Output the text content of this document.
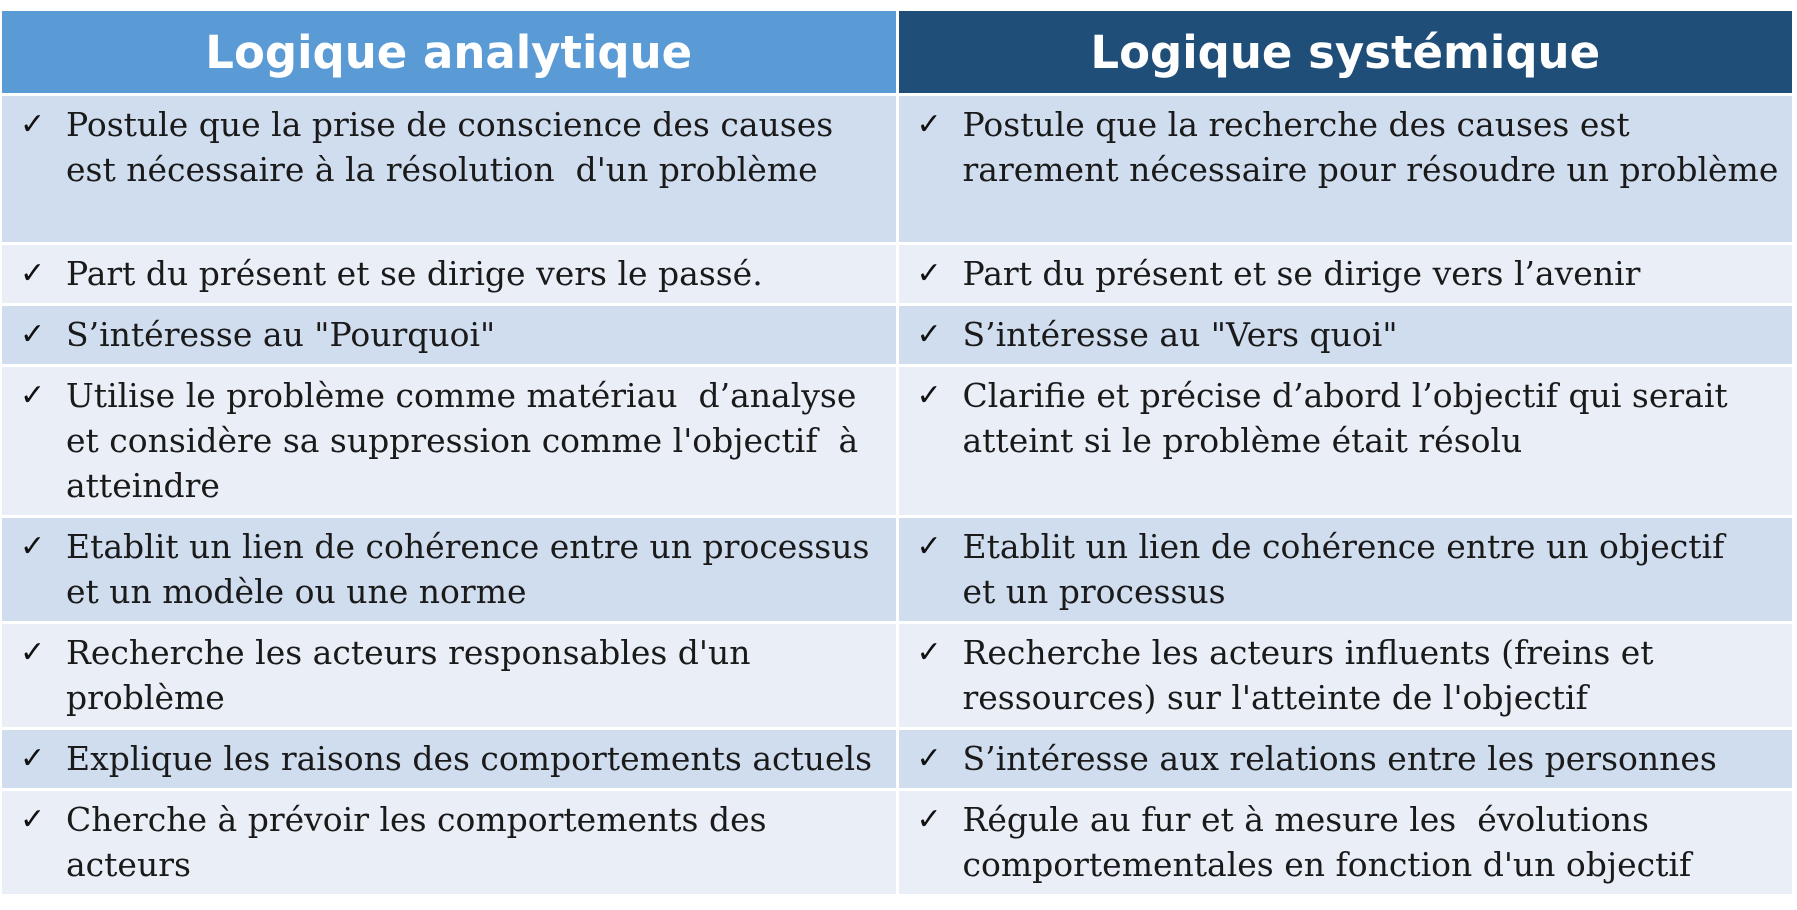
Logique analytique	Logique systémique

✓ Postule que la prise de conscience des causes est nécessaire à la résolution  d'un problème	✓ Postule que la recherche des causes est rarement nécessaire pour résoudre un problème

✓ Part du présent et se dirige vers le passé.	✓ Part du présent et se dirige vers l’avenir

✓ S’intéresse au "Pourquoi"	✓ S’intéresse au "Vers quoi"

✓ Utilise le problème comme matériau  d’analyse et considère sa suppression comme l'objectif  à atteindre	✓ Clarifie et précise d’abord l’objectif qui serait atteint si le problème était résolu

✓ Etablit un lien de cohérence entre un processus et un modèle ou une norme	✓ Etablit un lien de cohérence entre un objectif    et un processus

✓ Recherche les acteurs responsables d'un  problème	✓ Recherche les acteurs influents (freins et ressources) sur l'atteinte de l'objectif

✓ Explique les raisons des comportements actuels	✓ S’intéresse aux relations entre les personnes

✓ Cherche à prévoir les comportements des acteurs	✓ Régule au fur et à mesure les  évolutions comportementales en fonction d'un objectif
